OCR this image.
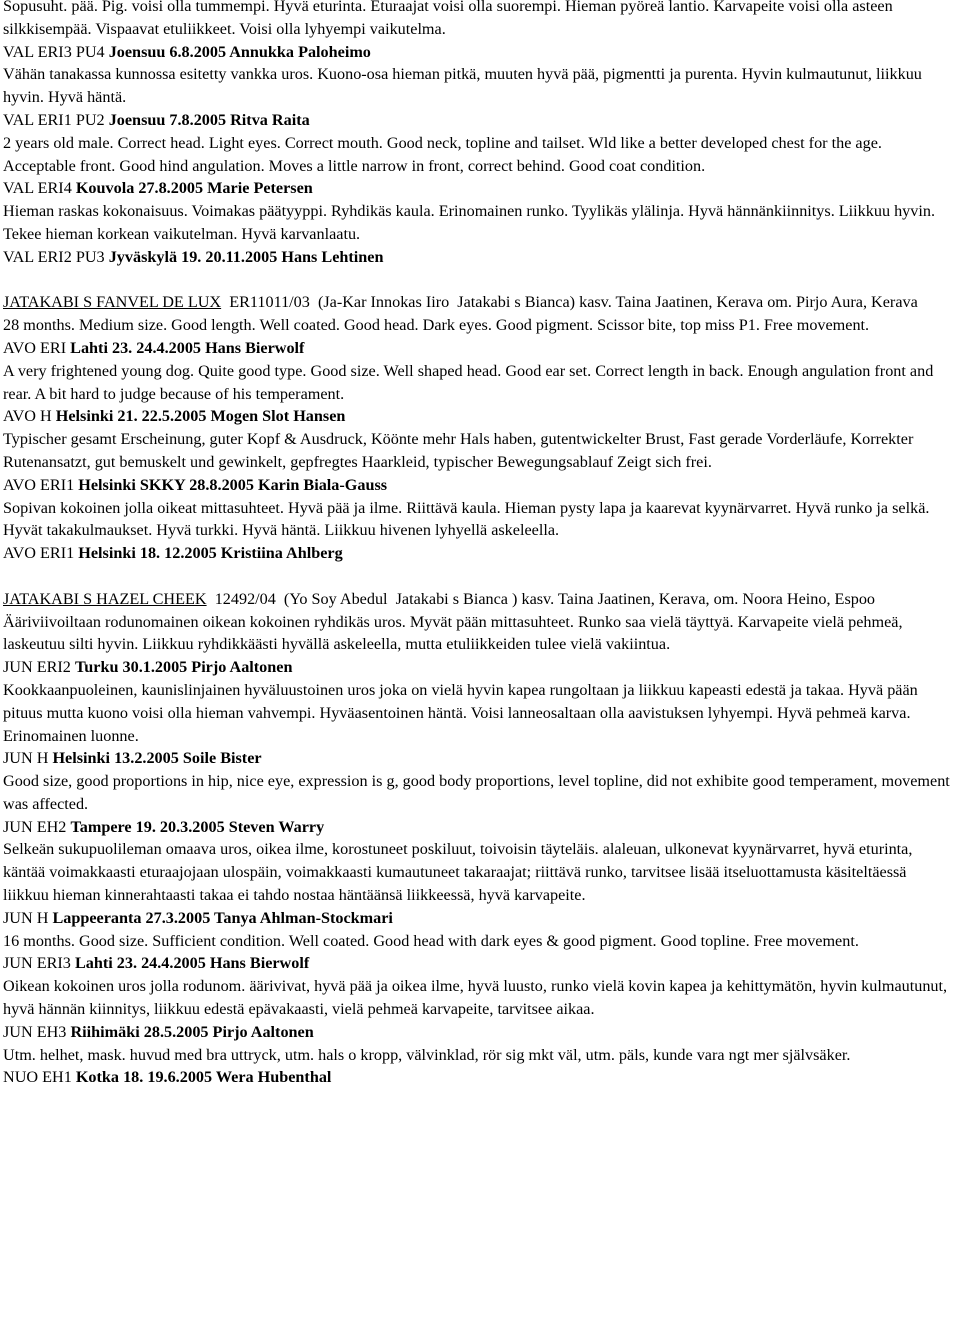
Sopusuht. pää. Pig. voisi olla tummempi. Hyvä eturinta. Eturaajat voisi olla suorempi. Hieman pyöreä lantio. Karvapeite voisi olla asteen silkkisempää. Vispaavat etuliikkeet. Voisi olla lyhyempi vaikutelma.

VAL ERI3 PU4 Joensuu 6.8.2005 Annukka Paloheimo

Vähän tanakassa kunnossa esitetty vankka uros. Kuono-osa hieman pitkä, muuten hyvä pää, pigmentti ja purenta. Hyvin kulmautunut, liikkuu hyvin. Hyvä häntä.

VAL ERI1 PU2 Joensuu 7.8.2005 Ritva Raita

2 years old male. Correct head. Light eyes. Correct mouth. Good neck, topline and tailset. Wld like a better developed chest for the age. Acceptable front. Good hind angulation. Moves a little narrow in front, correct behind. Good coat condition.

VAL ERI4 Kouvola 27.8.2005 Marie Petersen

Hieman raskas kokonaisuus. Voimakas päätyyppi. Ryhdikäs kaula. Erinomainen runko. Tyylikäs ylälinja. Hyvä hännänkiinnitys. Liikkuu hyvin. Tekee hieman korkean vaikutelman. Hyvä karvanlaatu.

VAL ERI2 PU3 Jyväskylä 19. 20.11.2005 Hans Lehtinen

JATAKABI S FANVEL DE LUX  ER11011/03  (Ja-Kar Innokas Iiro  Jatakabi s Bianca) kasv. Taina Jaatinen, Kerava om. Pirjo Aura, Kerava

28 months. Medium size. Good length. Well coated. Good head. Dark eyes. Good pigment. Scissor bite, top miss P1. Free movement.

AVO ERI Lahti 23. 24.4.2005 Hans Bierwolf

A very frightened young dog. Quite good type. Good size. Well shaped head. Good ear set. Correct length in back. Enough angulation front and rear. A bit hard to judge because of his temperament.

AVO H Helsinki 21. 22.5.2005 Mogen Slot Hansen

Typischer gesamt Erscheinung, guter Kopf & Ausdruck, Köönte mehr Hals haben, gutentwickelter Brust, Fast gerade Vorderläufe, Korrekter Rutenansatzt, gut bemuskelt und gewinkelt, gepfregtes Haarkleid, typischer Bewegungsablauf Zeigt sich frei.

AVO ERI1 Helsinki SKKY 28.8.2005 Karin Biala-Gauss

Sopivan kokoinen jolla oikeat mittasuhteet. Hyvä pää ja ilme. Riittävä kaula. Hieman pysty lapa ja kaarevat kyynärvarret. Hyvä runko ja selkä. Hyvät takakulmaukset. Hyvä turkki. Hyvä häntä. Liikkuu hivenen lyhyellä askeleella.

AVO ERI1 Helsinki 18. 12.2005 Kristiina Ahlberg

JATAKABI S HAZEL CHEEK  12492/04  (Yo Soy Abedul  Jatakabi s Bianca ) kasv. Taina Jaatinen, Kerava, om. Noora Heino, Espoo

Ääriviivoiltaan rodunomainen oikean kokoinen ryhdikäs uros. Myvät pään mittasuhteet. Runko saa vielä täyttyä. Karvapeite vielä pehmeä, laskeutuu silti hyvin. Liikkuu ryhdikkäästi hyvällä askeleella, mutta etuliikkeiden tulee vielä vakiintua.

JUN ERI2 Turku 30.1.2005 Pirjo Aaltonen

Kookkaanpuoleinen, kaunislinjainen hyväluustoinen uros joka on vielä hyvin kapea rungoltaan ja liikkuu kapeasti edestä ja takaa. Hyvä pään pituus mutta kuono voisi olla hieman vahvempi. Hyväasentoinen häntä. Voisi lanneosaltaan olla aavistuksen lyhyempi. Hyvä pehmeä karva. Erinomainen luonne.

JUN H Helsinki 13.2.2005 Soile Bister

Good size, good proportions in hip, nice eye, expression is g, good body proportions, level topline, did not exhibite good temperament, movement was affected.

JUN EH2 Tampere 19. 20.3.2005 Steven Warry

Selkeän sukupuolileman omaava uros, oikea ilme, korostuneet poskiluut, toivoisin täyteläis. alaleuan, ulkonevat kyynärvarret, hyvä eturinta, käntää voimakkaasti eturaajojaan ulospäin, voimakkaasti kumautuneet takaraajat; riittävä runko, tarvitsee lisää itseluottamusta käsiteltäessä liikkuu hieman kinnerahtaasti takaa ei tahdo nostaa häntäänsä liikkeessä, hyvä karvapeite.

JUN H Lappeeranta 27.3.2005 Tanya Ahlman-Stockmari

16 months. Good size. Sufficient condition. Well coated. Good head with dark eyes & good pigment. Good topline. Free movement.

JUN ERI3 Lahti 23. 24.4.2005 Hans Bierwolf

Oikean kokoinen uros jolla rodunom. äärivivat, hyvä pää ja oikea ilme, hyvä luusto, runko vielä kovin kapea ja kehittymätön, hyvin kulmautunut, hyvä hännän kiinnitys, liikkuu edestä epävakaasti, vielä pehmeä karvapeite, tarvitsee aikaa.

JUN EH3 Riihimäki 28.5.2005 Pirjo Aaltonen

Utm. helhet, mask. huvud med bra uttryck, utm. hals o kropp, välvinklad, rör sig mkt väl, utm. päls, kunde vara ngt mer självsäker.

NUO EH1 Kotka 18. 19.6.2005 Wera Hubenthal
